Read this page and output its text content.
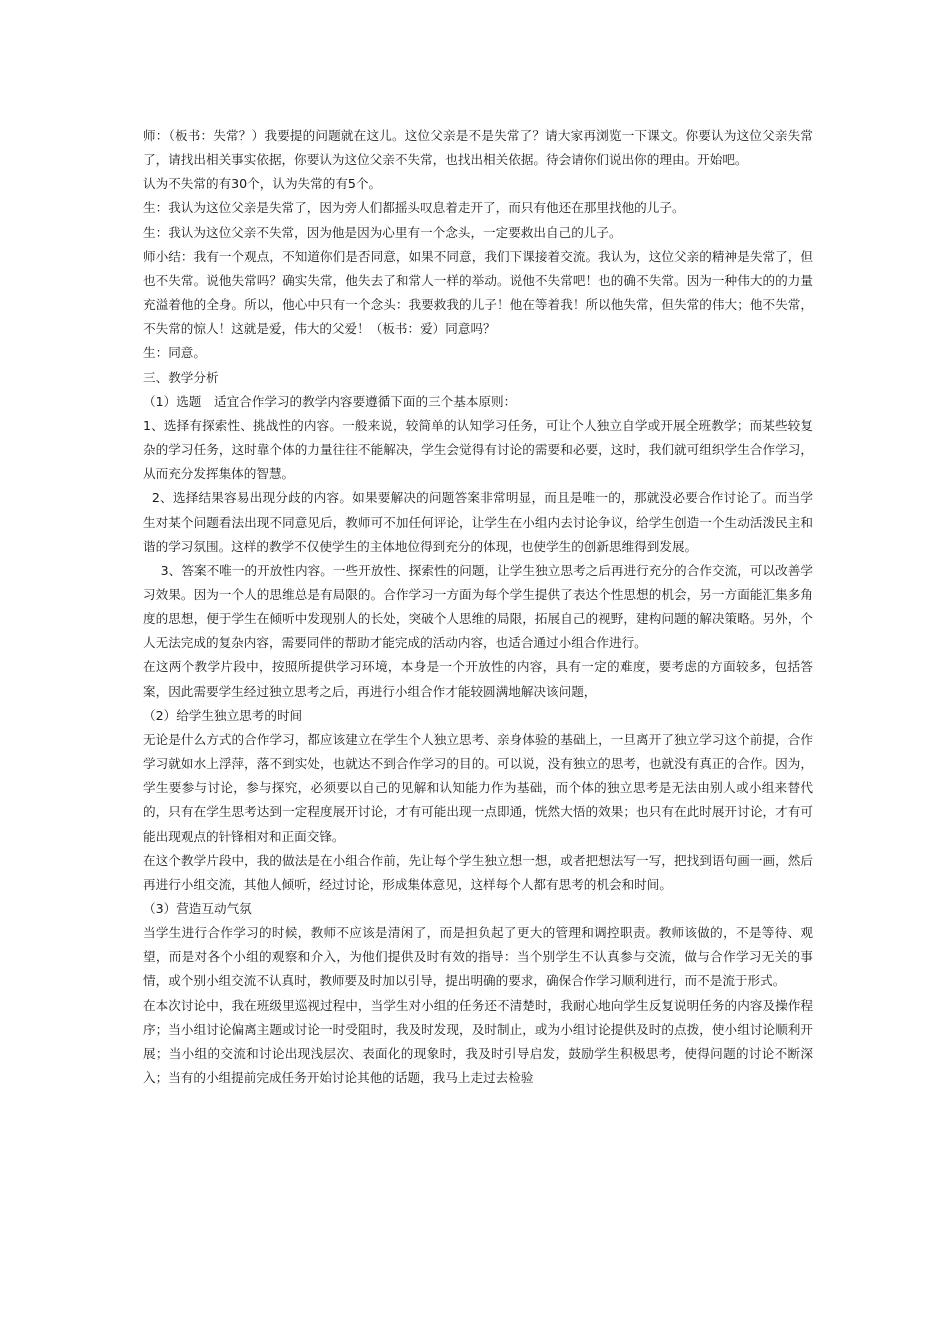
师：（板书：失常？）我要提的问题就在这儿。这位父亲是不是失常了？请大家再浏览一下课文。你要认为这位父亲失常了，请找出相关事实依据，你要认为这位父亲不失常，也找出相关依据。待会请你们说出你的理由。开始吧。

认为不失常的有30个，认为失常的有5个。

生：我认为这位父亲是失常了，因为旁人们都摇头叹息着走开了，而只有他还在那里找他的儿子。

生：我认为这位父亲不失常，因为他是因为心里有一个念头，一定要救出自己的儿子。

师小结：我有一个观点，不知道你们是否同意，如果不同意，我们下课接着交流。我认为，这位父亲的精神是失常了，但也不失常。说他失常吗？确实失常，他失去了和常人一样的举动。说他不失常吧！也的确不失常。因为一种伟大的的力量充溢着他的全身。所以，他心中只有一个念头：我要救我的儿子！他在等着我！所以他失常，但失常的伟大；他不失常，不失常的惊人！这就是爱，伟大的父爱！（板书：爱）同意吗？

生：同意。

三、教学分析

（1）选题　适宜合作学习的教学内容要遵循下面的三个基本原则：

1、选择有探索性、挑战性的内容。一般来说，较简单的认知学习任务，可让个人独立自学或开展全班教学；而某些较复杂的学习任务，这时靠个体的力量往往不能解决，学生会觉得有讨论的需要和必要，这时，我们就可组织学生合作学习，从而充分发挥集体的智慧。

2、选择结果容易出现分歧的内容。如果要解决的问题答案非常明显，而且是唯一的，那就没必要合作讨论了。而当学生对某个问题看法出现不同意见后，教师可不加任何评论，让学生在小组内去讨论争议，给学生创造一个生动活泼民主和谐的学习氛围。这样的教学不仅使学生的主体地位得到充分的体现，也使学生的创新思维得到发展。

3、答案不唯一的开放性内容。一些开放性、探索性的问题，让学生独立思考之后再进行充分的合作交流，可以改善学习效果。因为一个人的思维总是有局限的。合作学习一方面为每个学生提供了表达个性思想的机会，另一方面能汇集多角度的思想，便于学生在倾听中发现别人的长处，突破个人思维的局限，拓展自己的视野，建构问题的解决策略。另外，个人无法完成的复杂内容，需要同伴的帮助才能完成的活动内容，也适合通过小组合作进行。

在这两个教学片段中，按照所提供学习环境，本身是一个开放性的内容，具有一定的难度，要考虑的方面较多，包括答案，因此需要学生经过独立思考之后，再进行小组合作才能较圆满地解决该问题，

（2）给学生独立思考的时间

无论是什么方式的合作学习，都应该建立在学生个人独立思考、亲身体验的基础上，一旦离开了独立学习这个前提，合作学习就如水上浮萍，落不到实处，也就达不到合作学习的目的。可以说，没有独立的思考，也就没有真正的合作。因为，学生要参与讨论，参与探究，必须要以自己的见解和认知能力作为基础，而个体的独立思考是无法由别人或小组来替代的，只有在学生思考达到一定程度展开讨论，才有可能出现一点即通，恍然大悟的效果；也只有在此时展开讨论，才有可能出现观点的针锋相对和正面交锋。

在这个教学片段中，我的做法是在小组合作前，先让每个学生独立想一想，或者把想法写一写，把找到语句画一画，然后再进行小组交流，其他人倾听，经过讨论，形成集体意见，这样每个人都有思考的机会和时间。

（3）营造互动气氛

当学生进行合作学习的时候，教师不应该是清闲了，而是担负起了更大的管理和调控职责。教师该做的，不是等待、观望，而是对各个小组的观察和介入，为他们提供及时有效的指导：当个别学生不认真参与交流，做与合作学习无关的事情，或个别小组交流不认真时，教师要及时加以引导，提出明确的要求，确保合作学习顺利进行，而不是流于形式。

在本次讨论中，我在班级里巡视过程中，当学生对小组的任务还不清楚时，我耐心地向学生反复说明任务的内容及操作程序；当小组讨论偏离主题或讨论一时受阻时，我及时发现，及时制止，或为小组讨论提供及时的点拨，使小组讨论顺利开展；当小组的交流和讨论出现浅层次、表面化的现象时，我及时引导启发，鼓励学生积极思考，使得问题的讨论不断深入；当有的小组提前完成任务开始讨论其他的话题，我马上走过去检验
